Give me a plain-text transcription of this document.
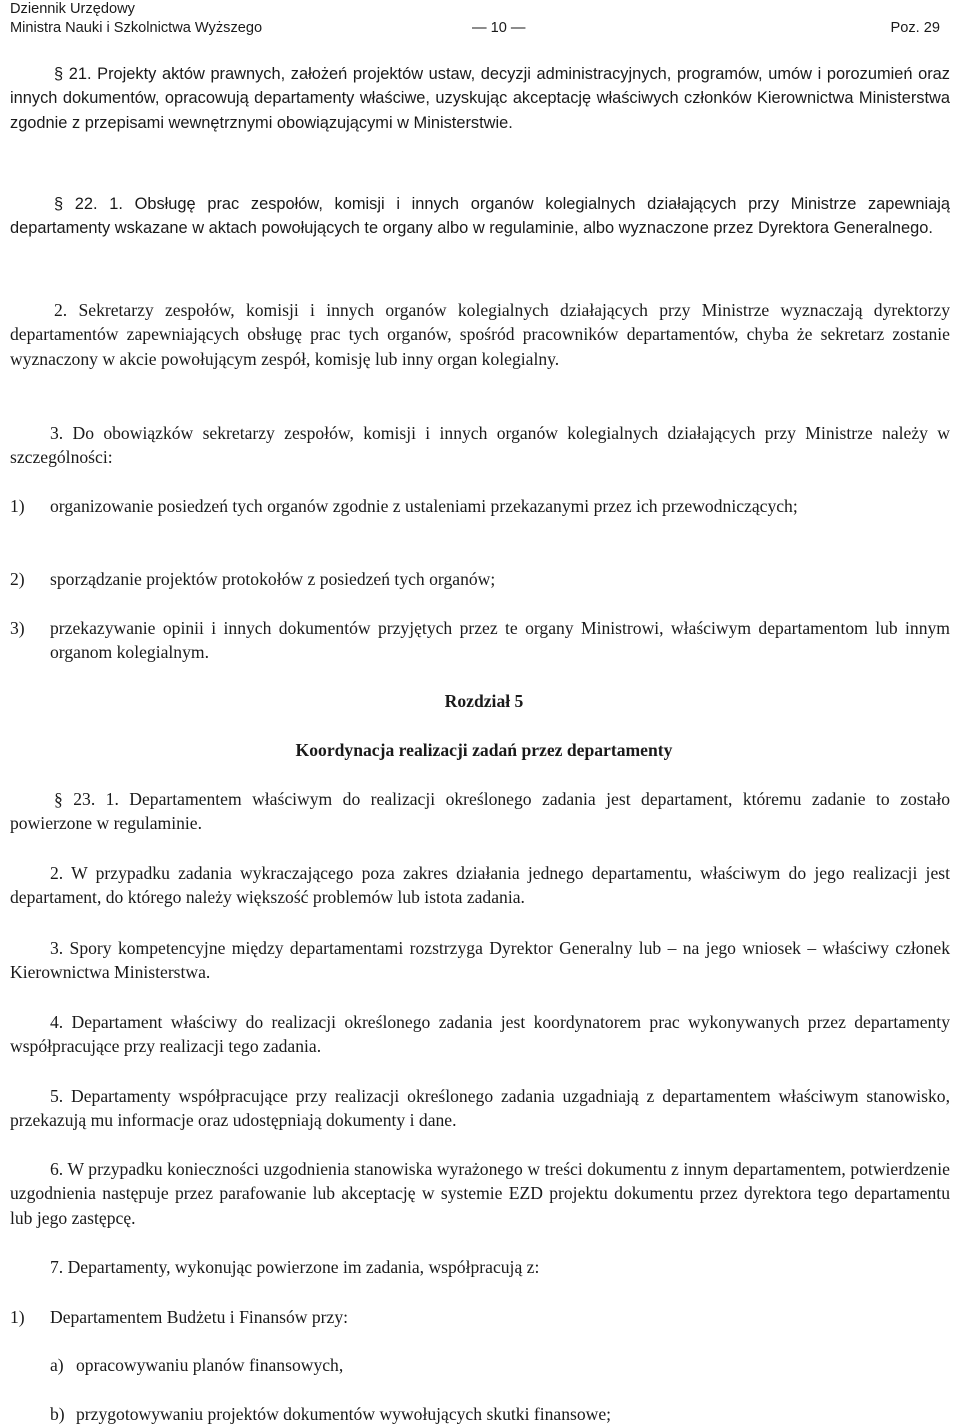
Dziennik Urzędowy
Ministra Nauki i Szkolnictwa Wyższego	— 10 —	Poz. 29

§ 21. Projekty aktów prawnych, założeń projektów ustaw, decyzji administracyjnych, programów, umów i porozumień oraz innych dokumentów, opracowują departamenty właściwe, uzyskując akceptację właściwych członków Kierownictwa Ministerstwa zgodnie z przepisami wewnętrznymi obowiązującymi w Ministerstwie.

§ 22. 1. Obsługę prac zespołów, komisji i innych organów kolegialnych działających przy Ministrze zapewniają departamenty wskazane w aktach powołujących te organy albo w regulaminie, albo wyznaczone przez Dyrektora Generalnego.

2. Sekretarzy zespołów, komisji i innych organów kolegialnych działających przy Ministrze wyznaczają dyrektorzy departamentów zapewniających obsługę prac tych organów, spośród pracowników departamentów, chyba że sekretarz zostanie wyznaczony w akcie powołującym zespół, komisję lub inny organ kolegialny.

3. Do obowiązków sekretarzy zespołów, komisji i innych organów kolegialnych działających przy Ministrze należy w szczególności:

1)	organizowanie posiedzeń tych organów zgodnie z ustaleniami przekazanymi przez ich przewodniczących;
2)	sporządzanie projektów protokołów z posiedzeń tych organów;
3)	przekazywanie opinii i innych dokumentów przyjętych przez te organy Ministrowi, właściwym departamentom lub innym organom kolegialnym.
Rozdział 5
Koordynacja realizacji zadań przez departamenty

§ 23. 1. Departamentem właściwym do realizacji określonego zadania jest departament, któremu zadanie to zostało powierzone w regulaminie.

2. W przypadku zadania wykraczającego poza zakres działania jednego departamentu, właściwym do jego realizacji jest departament, do którego należy większość problemów lub istota zadania.

3. Spory kompetencyjne między departamentami rozstrzyga Dyrektor Generalny lub – na jego wniosek – właściwy członek Kierownictwa Ministerstwa.

4. Departament właściwy do realizacji określonego zadania jest koordynatorem prac wykonywanych przez departamenty współpracujące przy realizacji tego zadania.

5. Departamenty współpracujące przy realizacji określonego zadania uzgadniają z departamentem właściwym stanowisko, przekazują mu informacje oraz udostępniają dokumenty i dane.

6. W przypadku konieczności uzgodnienia stanowiska wyrażonego w treści dokumentu z innym departamentem, potwierdzenie uzgodnienia następuje przez parafowanie lub akceptację w systemie EZD projektu dokumentu przez dyrektora tego departamentu lub jego zastępcę.

7. Departamenty, wykonując powierzone im zadania, współpracują z:

1)	Departamentem Budżetu i Finansów przy:
a) opracowywaniu planów finansowych,
b) przygotowywaniu projektów dokumentów wywołujących skutki finansowe;
